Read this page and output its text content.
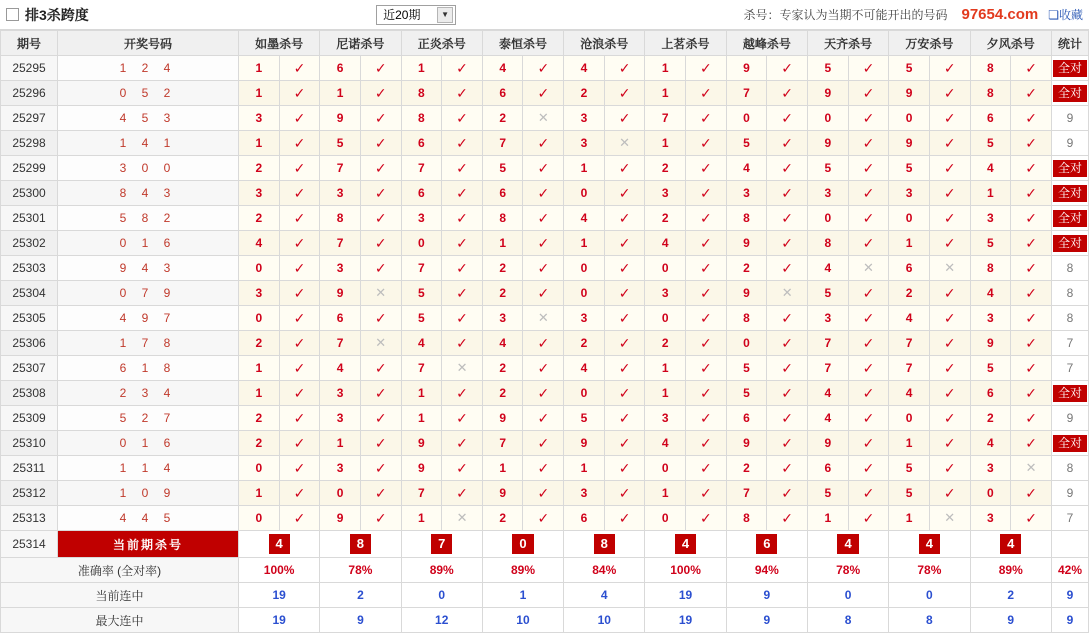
排3杀跨度	近20期	▼	杀号：专家认为当期不可能开出的号码 97654.com ❏收藏
期号	开奖号码	如墨杀号		尼诺杀号		正炎杀号		泰恒杀号		沧浪杀号		上茗杀号		越峰杀号		天齐杀号		万安杀号		夕风杀号		统计
25295	1 2 4	1	✓	6	✓	1	✓	4	✓	4	✓	1	✓	9	✓	5	✓	5	✓	8	✓	全对
25296	0 5 2	1	✓	1	✓	8	✓	6	✓	2	✓	1	✓	7	✓	9	✓	9	✓	8	✓	全对
25297	4 5 3	3	✓	9	✓	8	✓	2	✕	3	✓	7	✓	0	✓	0	✓	0	✓	6	✓	9
25298	1 4 1	1	✓	5	✓	6	✓	7	✓	3	✕	1	✓	5	✓	9	✓	9	✓	5	✓	9
25299	3 0 0	2	✓	7	✓	7	✓	5	✓	1	✓	2	✓	4	✓	5	✓	5	✓	4	✓	全对
25300	8 4 3	3	✓	3	✓	6	✓	6	✓	0	✓	3	✓	3	✓	3	✓	3	✓	1	✓	全对
25301	5 8 2	2	✓	8	✓	3	✓	8	✓	4	✓	2	✓	8	✓	0	✓	0	✓	3	✓	全对
25302	0 1 6	4	✓	7	✓	0	✓	1	✓	1	✓	4	✓	9	✓	8	✓	1	✓	5	✓	全对
25303	9 4 3	0	✓	3	✓	7	✓	2	✓	0	✓	0	✓	2	✓	4	✕	6	✕	8	✓	8
25304	0 7 9	3	✓	9	✕	5	✓	2	✓	0	✓	3	✓	9	✕	5	✓	2	✓	4	✓	8
25305	4 9 7	0	✓	6	✓	5	✓	3	✕	3	✓	0	✓	8	✓	3	✓	4	✓	3	✓	8
25306	1 7 8	2	✓	7	✕	4	✓	4	✓	2	✓	2	✓	0	✓	7	✓	7	✓	9	✓	7
25307	6 1 8	1	✓	4	✓	7	✕	2	✓	4	✓	1	✓	5	✓	7	✓	7	✓	5	✓	7
25308	2 3 4	1	✓	3	✓	1	✓	2	✓	0	✓	1	✓	5	✓	4	✓	4	✓	6	✓	全对
25309	5 2 7	2	✓	3	✓	1	✓	9	✓	5	✓	3	✓	6	✓	4	✓	0	✓	2	✓	9
25310	0 1 6	2	✓	1	✓	9	✓	7	✓	9	✓	4	✓	9	✓	9	✓	1	✓	4	✓	全对
25311	1 1 4	0	✓	3	✓	9	✓	1	✓	1	✓	0	✓	2	✓	6	✓	5	✓	3	✕	8
25312	1 0 9	1	✓	0	✓	7	✓	9	✓	3	✓	1	✓	7	✓	5	✓	5	✓	0	✓	9
25313	4 4 5	0	✓	9	✓	1	✕	2	✓	6	✓	0	✓	8	✓	1	✓	1	✕	3	✓	7
25314	当前期杀号	4		8		7		0		8		4		6		4		4		4		
准确率 (全对率)		100%		78%		89%		89%		84%		100%		94%		78%		78%		89%		42%
当前连中		19		2		0		1		4		19		9		0		0		2		9
最大连中		19		9		12		10		10		19		9		8		8		9		9
